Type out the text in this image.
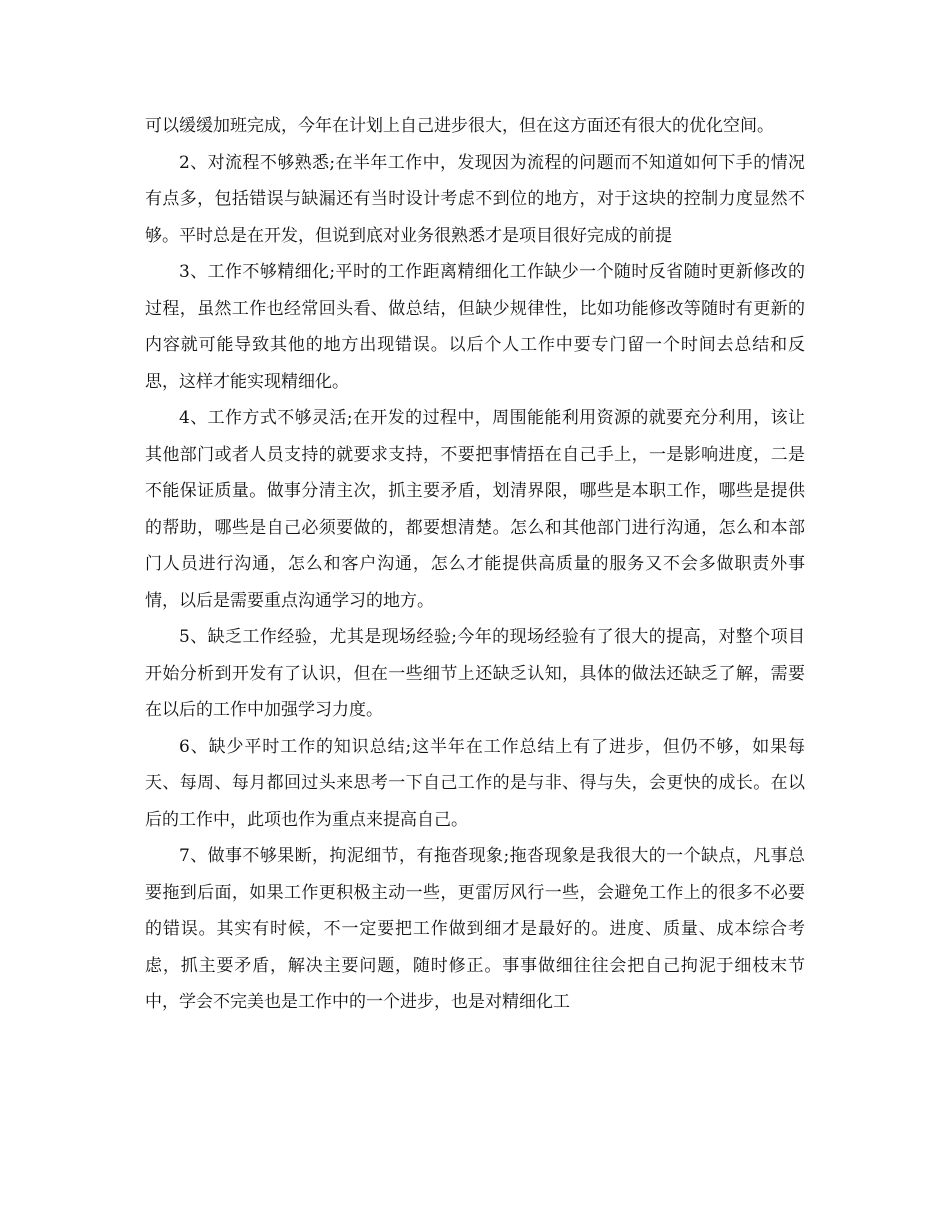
可以缓缓加班完成，今年在计划上自己进步很大，但在这方面还有很大的优化空间。

2、对流程不够熟悉;在半年工作中，发现因为流程的问题而不知道如何下手的情况有点多，包括错误与缺漏还有当时设计考虑不到位的地方，对于这块的控制力度显然不够。平时总是在开发，但说到底对业务很熟悉才是项目很好完成的前提

3、工作不够精细化;平时的工作距离精细化工作缺少一个随时反省随时更新修改的过程，虽然工作也经常回头看、做总结，但缺少规律性，比如功能修改等随时有更新的内容就可能导致其他的地方出现错误。以后个人工作中要专门留一个时间去总结和反思，这样才能实现精细化。

4、工作方式不够灵活;在开发的过程中，周围能能利用资源的就要充分利用，该让其他部门或者人员支持的就要求支持，不要把事情捂在自己手上，一是影响进度，二是不能保证质量。做事分清主次，抓主要矛盾，划清界限，哪些是本职工作，哪些是提供的帮助，哪些是自己必须要做的，都要想清楚。怎么和其他部门进行沟通，怎么和本部门人员进行沟通，怎么和客户沟通，怎么才能提供高质量的服务又不会多做职责外事情，以后是需要重点沟通学习的地方。

5、缺乏工作经验，尤其是现场经验;今年的现场经验有了很大的提高，对整个项目开始分析到开发有了认识，但在一些细节上还缺乏认知，具体的做法还缺乏了解，需要在以后的工作中加强学习力度。

6、缺少平时工作的知识总结;这半年在工作总结上有了进步，但仍不够，如果每天、每周、每月都回过头来思考一下自己工作的是与非、得与失，会更快的成长。在以后的工作中，此项也作为重点来提高自己。

7、做事不够果断，拘泥细节，有拖沓现象;拖沓现象是我很大的一个缺点，凡事总要拖到后面，如果工作更积极主动一些，更雷厉风行一些，会避免工作上的很多不必要的错误。其实有时候，不一定要把工作做到细才是最好的。进度、质量、成本综合考虑，抓主要矛盾，解决主要问题，随时修正。事事做细往往会把自己拘泥于细枝末节中，学会不完美也是工作中的一个进步，也是对精细化工
